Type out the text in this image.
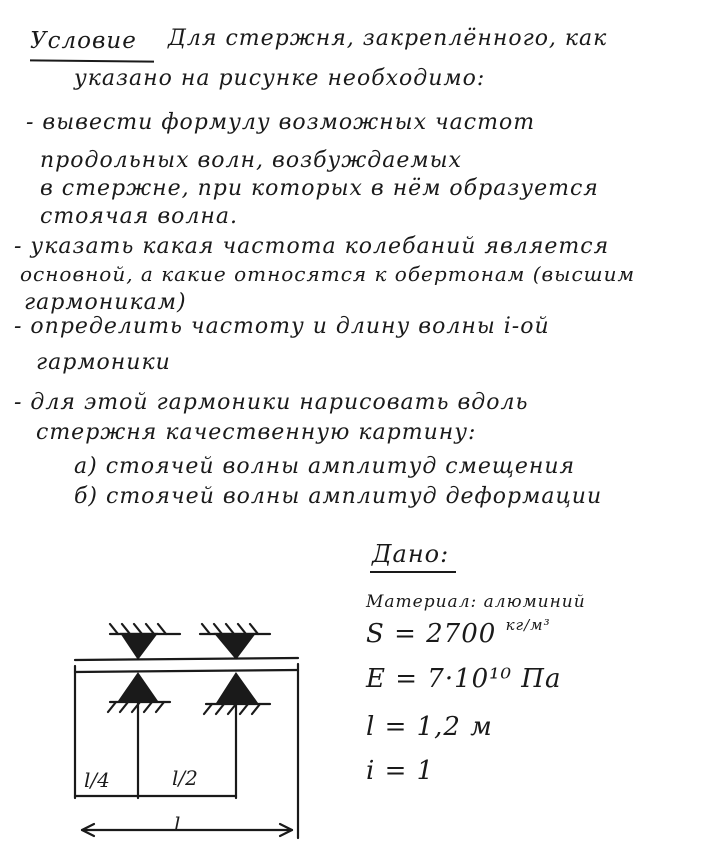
Условие Для стержня, закреплённого, как
указано на рисунке необходимо:
- вывести формулу возможных частот
продольных волн, возбуждаемых
в стержне, при которых в нём образуется
стоячая волна.
- указать какая частота колебаний является
основной, а какие относятся к обертонам (высшим
гармоникам)
- определить частоту и длину волны i-ой
гармоники
- для этой гармоники нарисовать вдоль
стержня качественную картину:
а) стоячей волны амплитуд смещения
б) стоячей волны амплитуд деформации
Дано:
Материал: алюминий
S = 2700 $^{кг/м^3}$
E = 7·10¹⁰ Па
l = 1,2 м
i = 1
l/4	l/2
l
